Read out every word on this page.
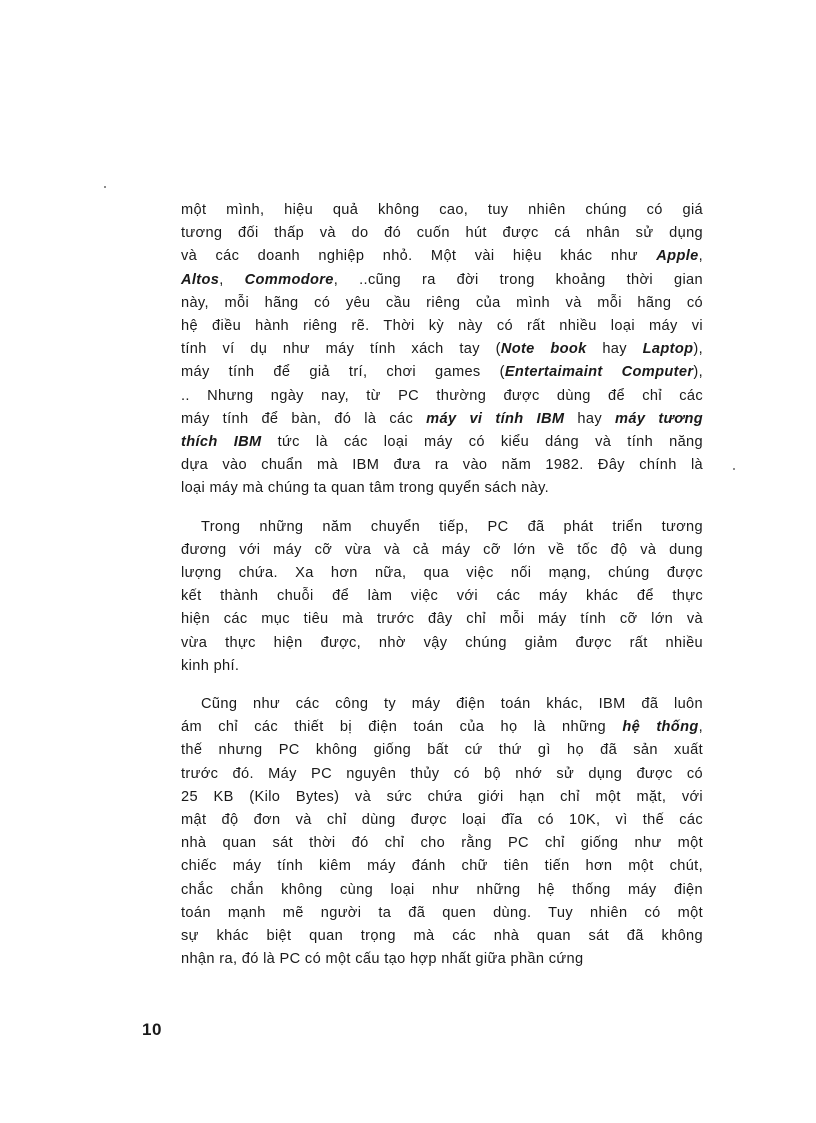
một mình, hiệu quả không cao, tuy nhiên chúng có giá
tương đối thấp và do đó cuốn hút được cá nhân sử dụng
và các doanh nghiệp nhỏ. Một vài hiệu khác như Apple,
Altos, Commodore, ..cũng ra đời trong khoảng thời gian
này, mỗi hãng có yêu cầu riêng của mình và mỗi hãng có
hệ điều hành riêng rẽ. Thời kỳ này có rất nhiều loại máy vi
tính ví dụ như máy tính xách tay (Note book hay Laptop),
máy tính để giả trí, chơi games (Entertaimaint Computer),
.. Nhưng ngày nay, từ PC thường được dùng để chỉ các
máy tính để bàn, đó là các máy vi tính IBM hay máy tương
thích IBM tức là các loại máy có kiểu dáng và tính năng
dựa vào chuẩn mà IBM đưa ra vào năm 1982. Đây chính là
loại máy mà chúng ta quan tâm trong quyển sách này.
Trong những năm chuyển tiếp, PC đã phát triển tương
đương với máy cỡ vừa và cả máy cỡ lớn về tốc độ và dung
lượng chứa. Xa hơn nữa, qua việc nối mạng, chúng được
kết thành chuỗi để làm việc với các máy khác để thực
hiện các mục tiêu mà trước đây chỉ mỗi máy tính cỡ lớn và
vừa thực hiện được, nhờ vậy chúng giảm được rất nhiều
kinh phí.
Cũng như các công ty máy điện toán khác, IBM đã luôn
ám chỉ các thiết bị điện toán của họ là những hệ thống,
thế nhưng PC không giống bất cứ thứ gì họ đã sản xuất
trước đó. Máy PC nguyên thủy có bộ nhớ sử dụng được có
25 KB (Kilo Bytes) và sức chứa giới hạn chỉ một mặt, với
mật độ đơn và chỉ dùng được loại đĩa có 10K, vì thế các
nhà quan sát thời đó chỉ cho rằng PC chỉ giống như một
chiếc máy tính kiêm máy đánh chữ tiên tiến hơn một chút,
chắc chắn không cùng loại như những hệ thống máy điện
toán mạnh mẽ người ta đã quen dùng. Tuy nhiên có một
sự khác biệt quan trọng mà các nhà quan sát đã không
nhận ra, đó là PC có một cấu tạo hợp nhất giữa phần cứng
10
